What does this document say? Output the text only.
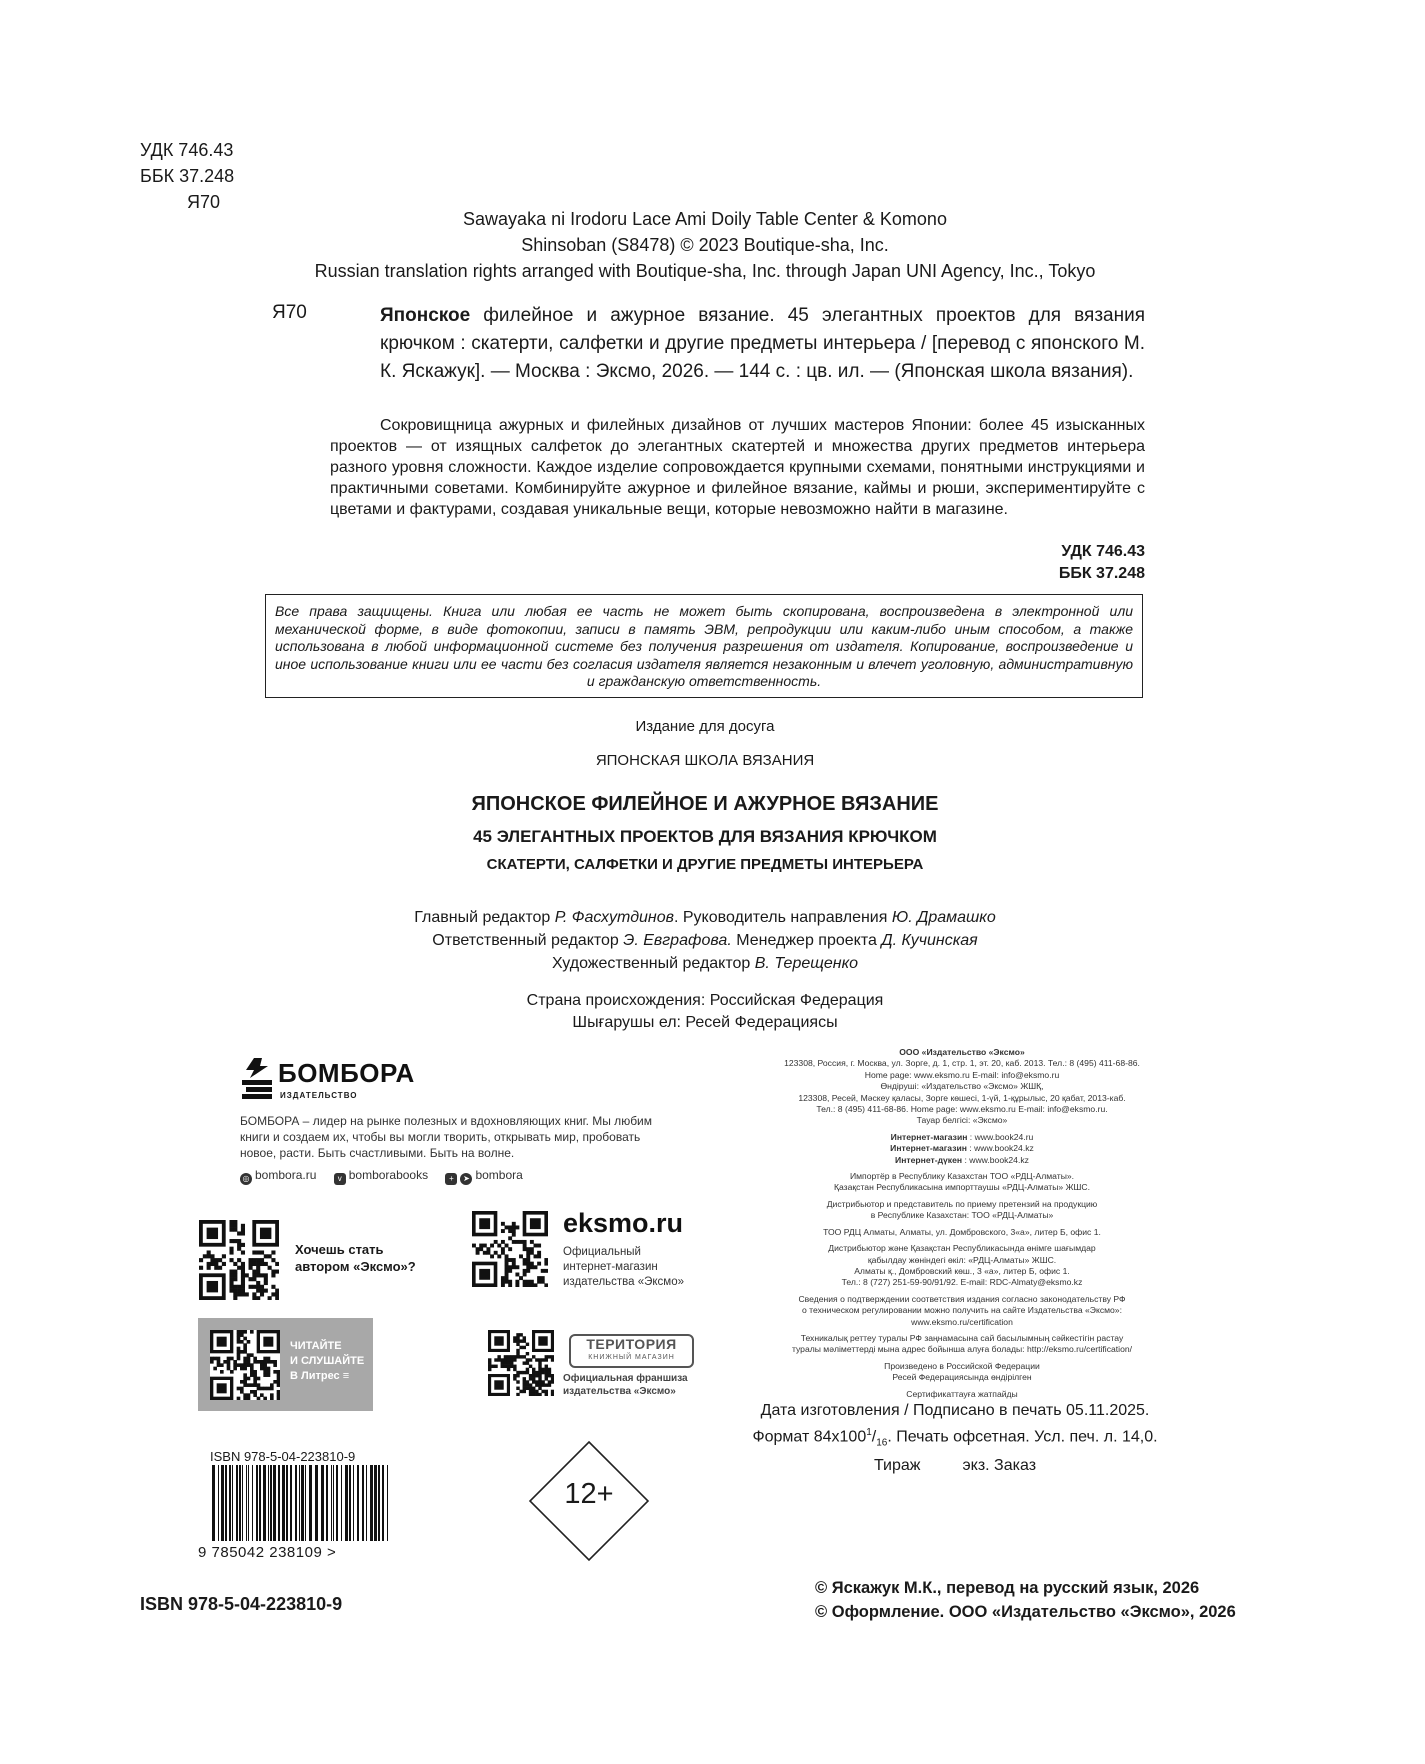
УДК 746.43
ББК 37.248
Я70
Sawayaka ni Irodoru Lace Ami Doily Table Center & Komono
Shinsoban (S8478) © 2023 Boutique-sha, Inc.
Russian translation rights arranged with Boutique-sha, Inc. through Japan UNI Agency, Inc., Tokyo
Я70	Японское филейное и ажурное вязание. 45 элегантных проектов для вязания крючком : скатерти, салфетки и другие предметы интерьера / [перевод с японского М. К. Яскажук]. — Москва : Эксмо, 2026. — 144 с. : цв. ил. — (Японская школа вязания).
Сокровищница ажурных и филейных дизайнов от лучших мастеров Японии: более 45 изысканных проектов — от изящных салфеток до элегантных скатертей и множества других предметов интерьера разного уровня сложности. Каждое изделие сопровождается крупными схемами, понятными инструкциями и практичными советами. Комбинируйте ажурное и филейное вязание, каймы и рюши, экспериментируйте с цветами и фактурами, создавая уникальные вещи, которые невозможно найти в магазине.
УДК 746.43
ББК 37.248
Все права защищены. Книга или любая ее часть не может быть скопирована, воспроизведена в электронной или механической форме, в виде фотокопии, записи в память ЭВМ, репродукции или каким-либо иным способом, а также использована в любой информационной системе без получения разрешения от издателя. Копирование, воспроизведение и иное использование книги или ее части без согласия издателя является незаконным и влечет уголовную, административную и гражданскую ответственность.
Издание для досуга
ЯПОНСКАЯ ШКОЛА ВЯЗАНИЯ
ЯПОНСКОЕ ФИЛЕЙНОЕ И АЖУРНОЕ ВЯЗАНИЕ
45 ЭЛЕГАНТНЫХ ПРОЕКТОВ ДЛЯ ВЯЗАНИЯ КРЮЧКОМ
СКАТЕРТИ, САЛФЕТКИ И ДРУГИЕ ПРЕДМЕТЫ ИНТЕРЬЕРА
Главный редактор Р. Фасхутдинов. Руководитель направления Ю. Драмашко
Ответственный редактор Э. Евграфова. Менеджер проекта Д. Кучинская
Художественный редактор В. Терещенко
Страна происхождения: Российская Федерация
Шығарушы ел: Ресей Федерациясы
БОМБОРА
ИЗДАТЕЛЬСТВО
БОМБОРА – лидер на рынке полезных и вдохновляющих книг. Мы любим книги и создаем их, чтобы вы могли творить, открывать мир, пробовать новое, расти. Быть счастливыми. Быть на волне.
◎ bombora.ru	v bomborabooks	+ ➤ bombora
Хочешь стать
автором «Эксмо»?
eksmo.ru
Официальный
интернет-магазин
издательства «Эксмо»
ЧИТАЙТЕ
И СЛУШАЙТЕ
В Литрес ≡
ТЕРИТОРИЯ
КНИЖНЫЙ МАГАЗИН
Официальная франшиза
издательства «Эксмо»
ООО «Издательство «Эксмо»
123308, Россия, г. Москва, ул. Зорге, д. 1, стр. 1, эт. 20, каб. 2013. Тел.: 8 (495) 411-68-86.
Home page: www.eksmo.ru E-mail: info@eksmo.ru
Өндіруші: «Издательство «Эксмо» ЖШҚ,
123308, Ресей, Мәскеу қаласы, Зорге көшесі, 1-үй, 1-құрылыс, 20 қабат, 2013-каб.
Тел.: 8 (495) 411-68-86. Home page: www.eksmo.ru E-mail: info@eksmo.ru.
Тауар белгісі: «Эксмо»
Интернет-магазин : www.book24.ru
Интернет-магазин : www.book24.kz
Интернет-дүкен : www.book24.kz
Импортёр в Республику Казахстан ТОО «РДЦ-Алматы».
Қазақстан Республикасына импорттаушы «РДЦ-Алматы» ЖШС.
Дистрибьютор и представитель по приему претензий на продукцию
в Республике Казахстан: ТОО «РДЦ-Алматы»
ТОО РДЦ Алматы, Алматы, ул. Домбровского, 3«а», литер Б, офис 1.
Дистрибьютор және Қазақстан Республикасында өнімге шағымдар
қабылдау жөніндегі өкіл: «РДЦ-Алматы» ЖШС.
Алматы қ., Домбровский көш., 3 «а», литер Б, офис 1.
Тел.: 8 (727) 251-59-90/91/92. E-mail: RDC-Almaty@eksmo.kz
Сведения о подтверждении соответствия издания согласно законодательству РФ
о техническом регулировании можно получить на сайте Издательства «Эксмо»:
www.eksmo.ru/certification
Техникалық реттеу туралы РФ заңнамасына сай басылымның сәйкестігін растау
туралы мәліметтерді мына адрес бойынша алуға болады: http://eksmo.ru/certification/
Произведено в Российской Федерации
Ресей Федерациясында өндірілген
Сертификаттауға жатпайды
Дата изготовления / Подписано в печать 05.11.2025.
Формат $84x100^1/_{16}$. Печать офсетная. Усл. печ. л. 14,0.
Тираж	экз. Заказ
ISBN 978-5-04-223810-9
9 785042 238109 >
12+
ISBN 978-5-04-223810-9
© Яскажук М.К., перевод на русский язык, 2026
© Оформление. ООО «Издательство «Эксмо», 2026
